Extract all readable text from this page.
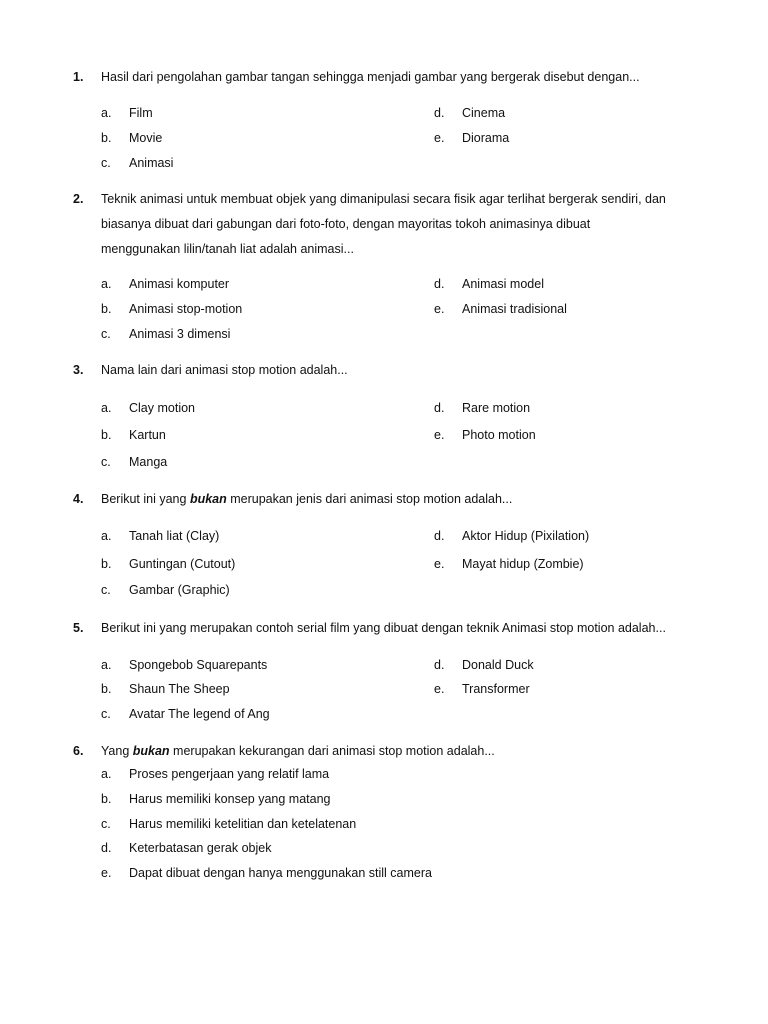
1. Hasil dari pengolahan gambar tangan sehingga menjadi gambar yang bergerak disebut dengan...
a. Film
b. Movie
c. Animasi
d. Cinema
e. Diorama
2. Teknik animasi untuk membuat objek yang dimanipulasi secara fisik agar terlihat bergerak sendiri, dan
biasanya dibuat dari gabungan dari foto-foto, dengan mayoritas tokoh animasinya dibuat
menggunakan lilin/tanah liat adalah animasi...
a. Animasi komputer
b. Animasi stop-motion
c. Animasi 3 dimensi
d. Animasi model
e. Animasi tradisional
3. Nama lain dari animasi stop motion adalah...
a. Clay motion
b. Kartun
c. Manga
d. Rare motion
e. Photo motion
4. Berikut ini yang bukan merupakan jenis dari animasi stop motion adalah...
a. Tanah liat (Clay)
b. Guntingan (Cutout)
c. Gambar (Graphic)
d. Aktor Hidup (Pixilation)
e. Mayat hidup (Zombie)
5. Berikut ini yang merupakan contoh serial film yang dibuat dengan teknik Animasi stop motion adalah...
a. Spongebob Squarepants
b. Shaun The Sheep
c. Avatar The legend of Ang
d. Donald Duck
e. Transformer
6. Yang bukan merupakan kekurangan dari animasi stop motion adalah...
a. Proses pengerjaan yang relatif lama
b. Harus memiliki konsep yang matang
c. Harus memiliki ketelitian dan ketelatenan
d. Keterbatasan gerak objek
e. Dapat dibuat dengan hanya menggunakan still camera
